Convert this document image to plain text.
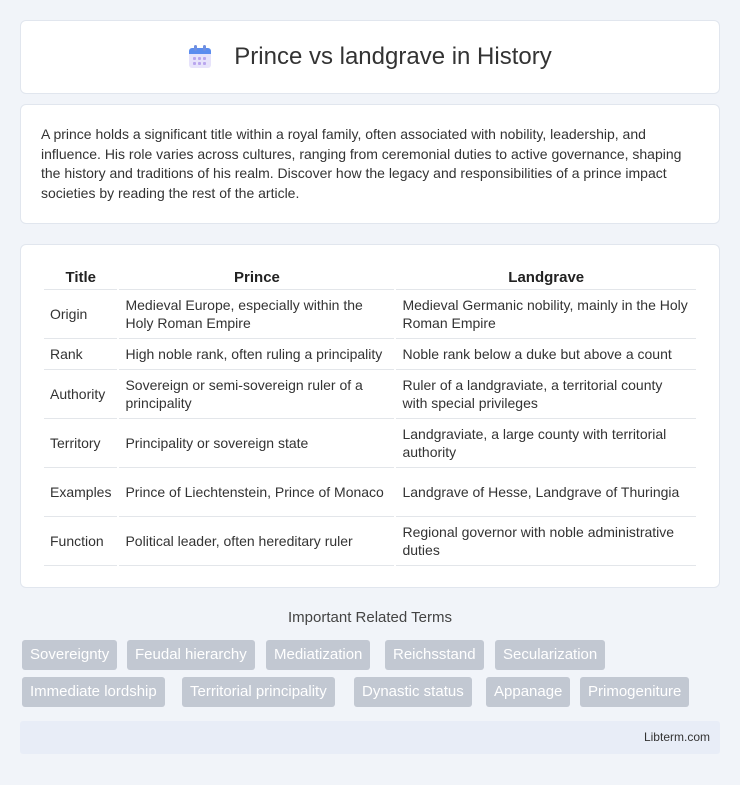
Prince vs landgrave in History

A prince holds a significant title within a royal family, often associated with nobility, leadership, and influence. His role varies across cultures, ranging from ceremonial duties to active governance, shaping the history and traditions of his realm. Discover how the legacy and responsibilities of a prince impact societies by reading the rest of the article.

Title	Prince	Landgrave
Origin	Medieval Europe, especially within the Holy Roman Empire	Medieval Germanic nobility, mainly in the Holy Roman Empire
Rank	High noble rank, often ruling a principality	Noble rank below a duke but above a count
Authority	Sovereign or semi-sovereign ruler of a principality	Ruler of a landgraviate, a territorial county with special privileges
Territory	Principality or sovereign state	Landgraviate, a large county with territorial authority
Examples	Prince of Liechtenstein, Prince of Monaco	Landgrave of Hesse, Landgrave of Thuringia
Function	Political leader, often hereditary ruler	Regional governor with noble administrative duties
Important Related Terms
Sovereignty	Feudal hierarchy	Mediatization	Reichsstand	Secularization
Immediate lordship	Territorial principality	Dynastic status	Appanage	Primogeniture
Libterm.com
